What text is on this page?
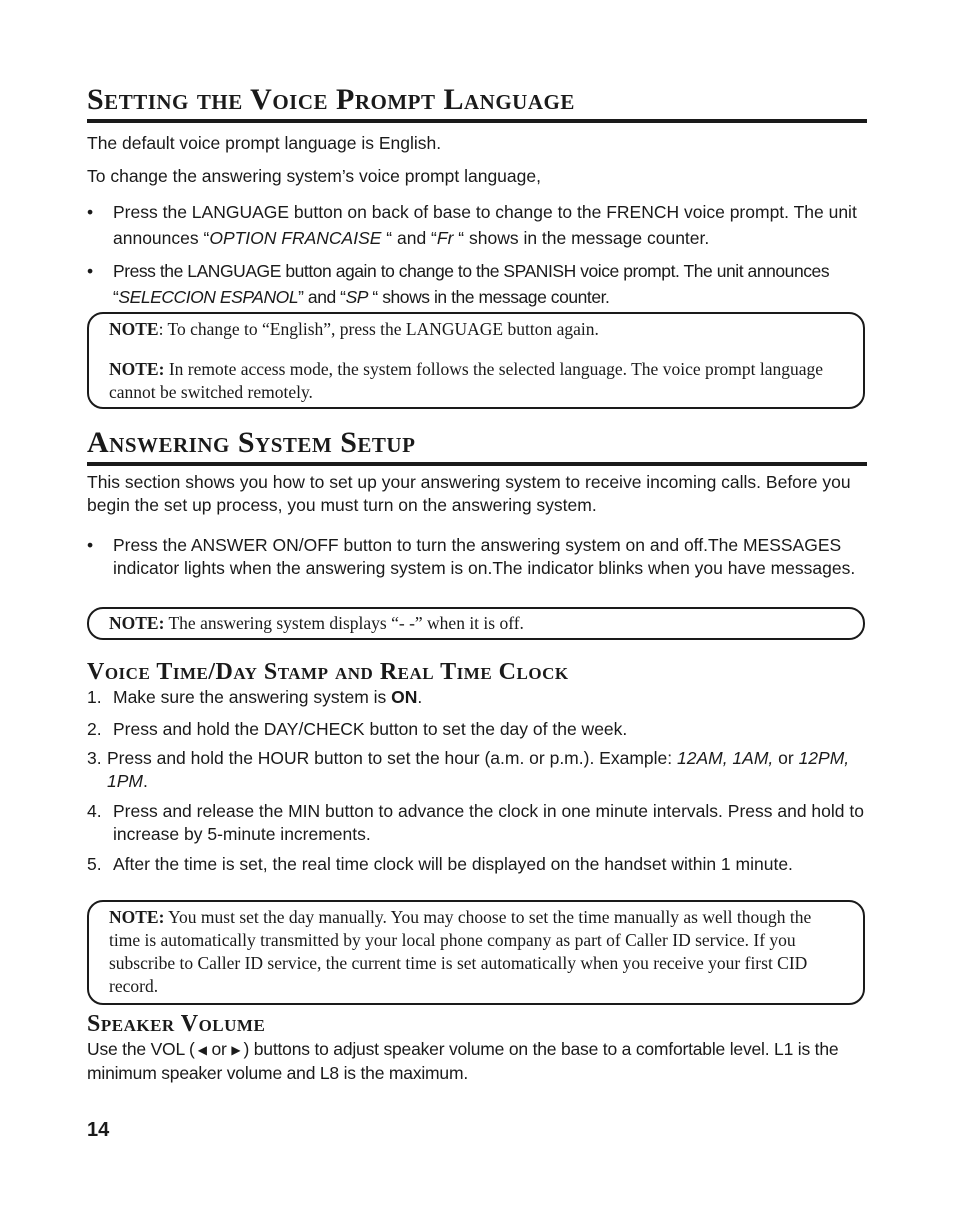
Setting the Voice Prompt Language
The default voice prompt language is English.
To change the answering system’s voice prompt language,
•	Press the LANGUAGE button on back of base to change to the FRENCH voice prompt. The unit announces “OPTION FRANCAISE “ and “Fr “ shows in the message counter.
•	Press the LANGUAGE button again to change to the SPANISH voice prompt. The unit announces “SELECCION ESPANOL” and “SP “ shows in the message counter.

NOTE: To change to “English”, press the LANGUAGE button again.

NOTE: In remote access mode, the system follows the selected language. The voice prompt language cannot be switched remotely.

Answering System Setup
This section shows you how to set up your answering system to receive incoming calls. Before you begin the set up process, you must turn on the answering system.
•	Press the ANSWER ON/OFF button to turn the answering system on and off.The MESSAGES indicator lights when the answering system is on.The indicator blinks when you have messages.

NOTE: The answering system displays “- -” when it is off.

Voice Time/Day Stamp and Real Time Clock
1. Make sure the answering system is ON.
2. Press and hold the DAY/CHECK button to set the day of the week.
3. Press and hold the HOUR button to set the hour (a.m. or p.m.). Example: 12AM, 1AM, or 12PM, 1PM.
4. Press and release the MIN button to advance the clock in one minute intervals. Press and hold to increase by 5-minute increments.
5. After the time is set, the real time clock will be displayed on the handset within 1 minute.

NOTE: You must set the day manually. You may choose to set the time manually as well though the time is automatically transmitted by your local phone company as part of Caller ID service. If you subscribe to Caller ID service, the current time is set automatically when you receive your first CID record.

Speaker Volume
Use the VOL ( ◀ or ▶ ) buttons to adjust speaker volume on the base to a comfortable level. L1 is the minimum speaker volume and L8 is the maximum.
14
